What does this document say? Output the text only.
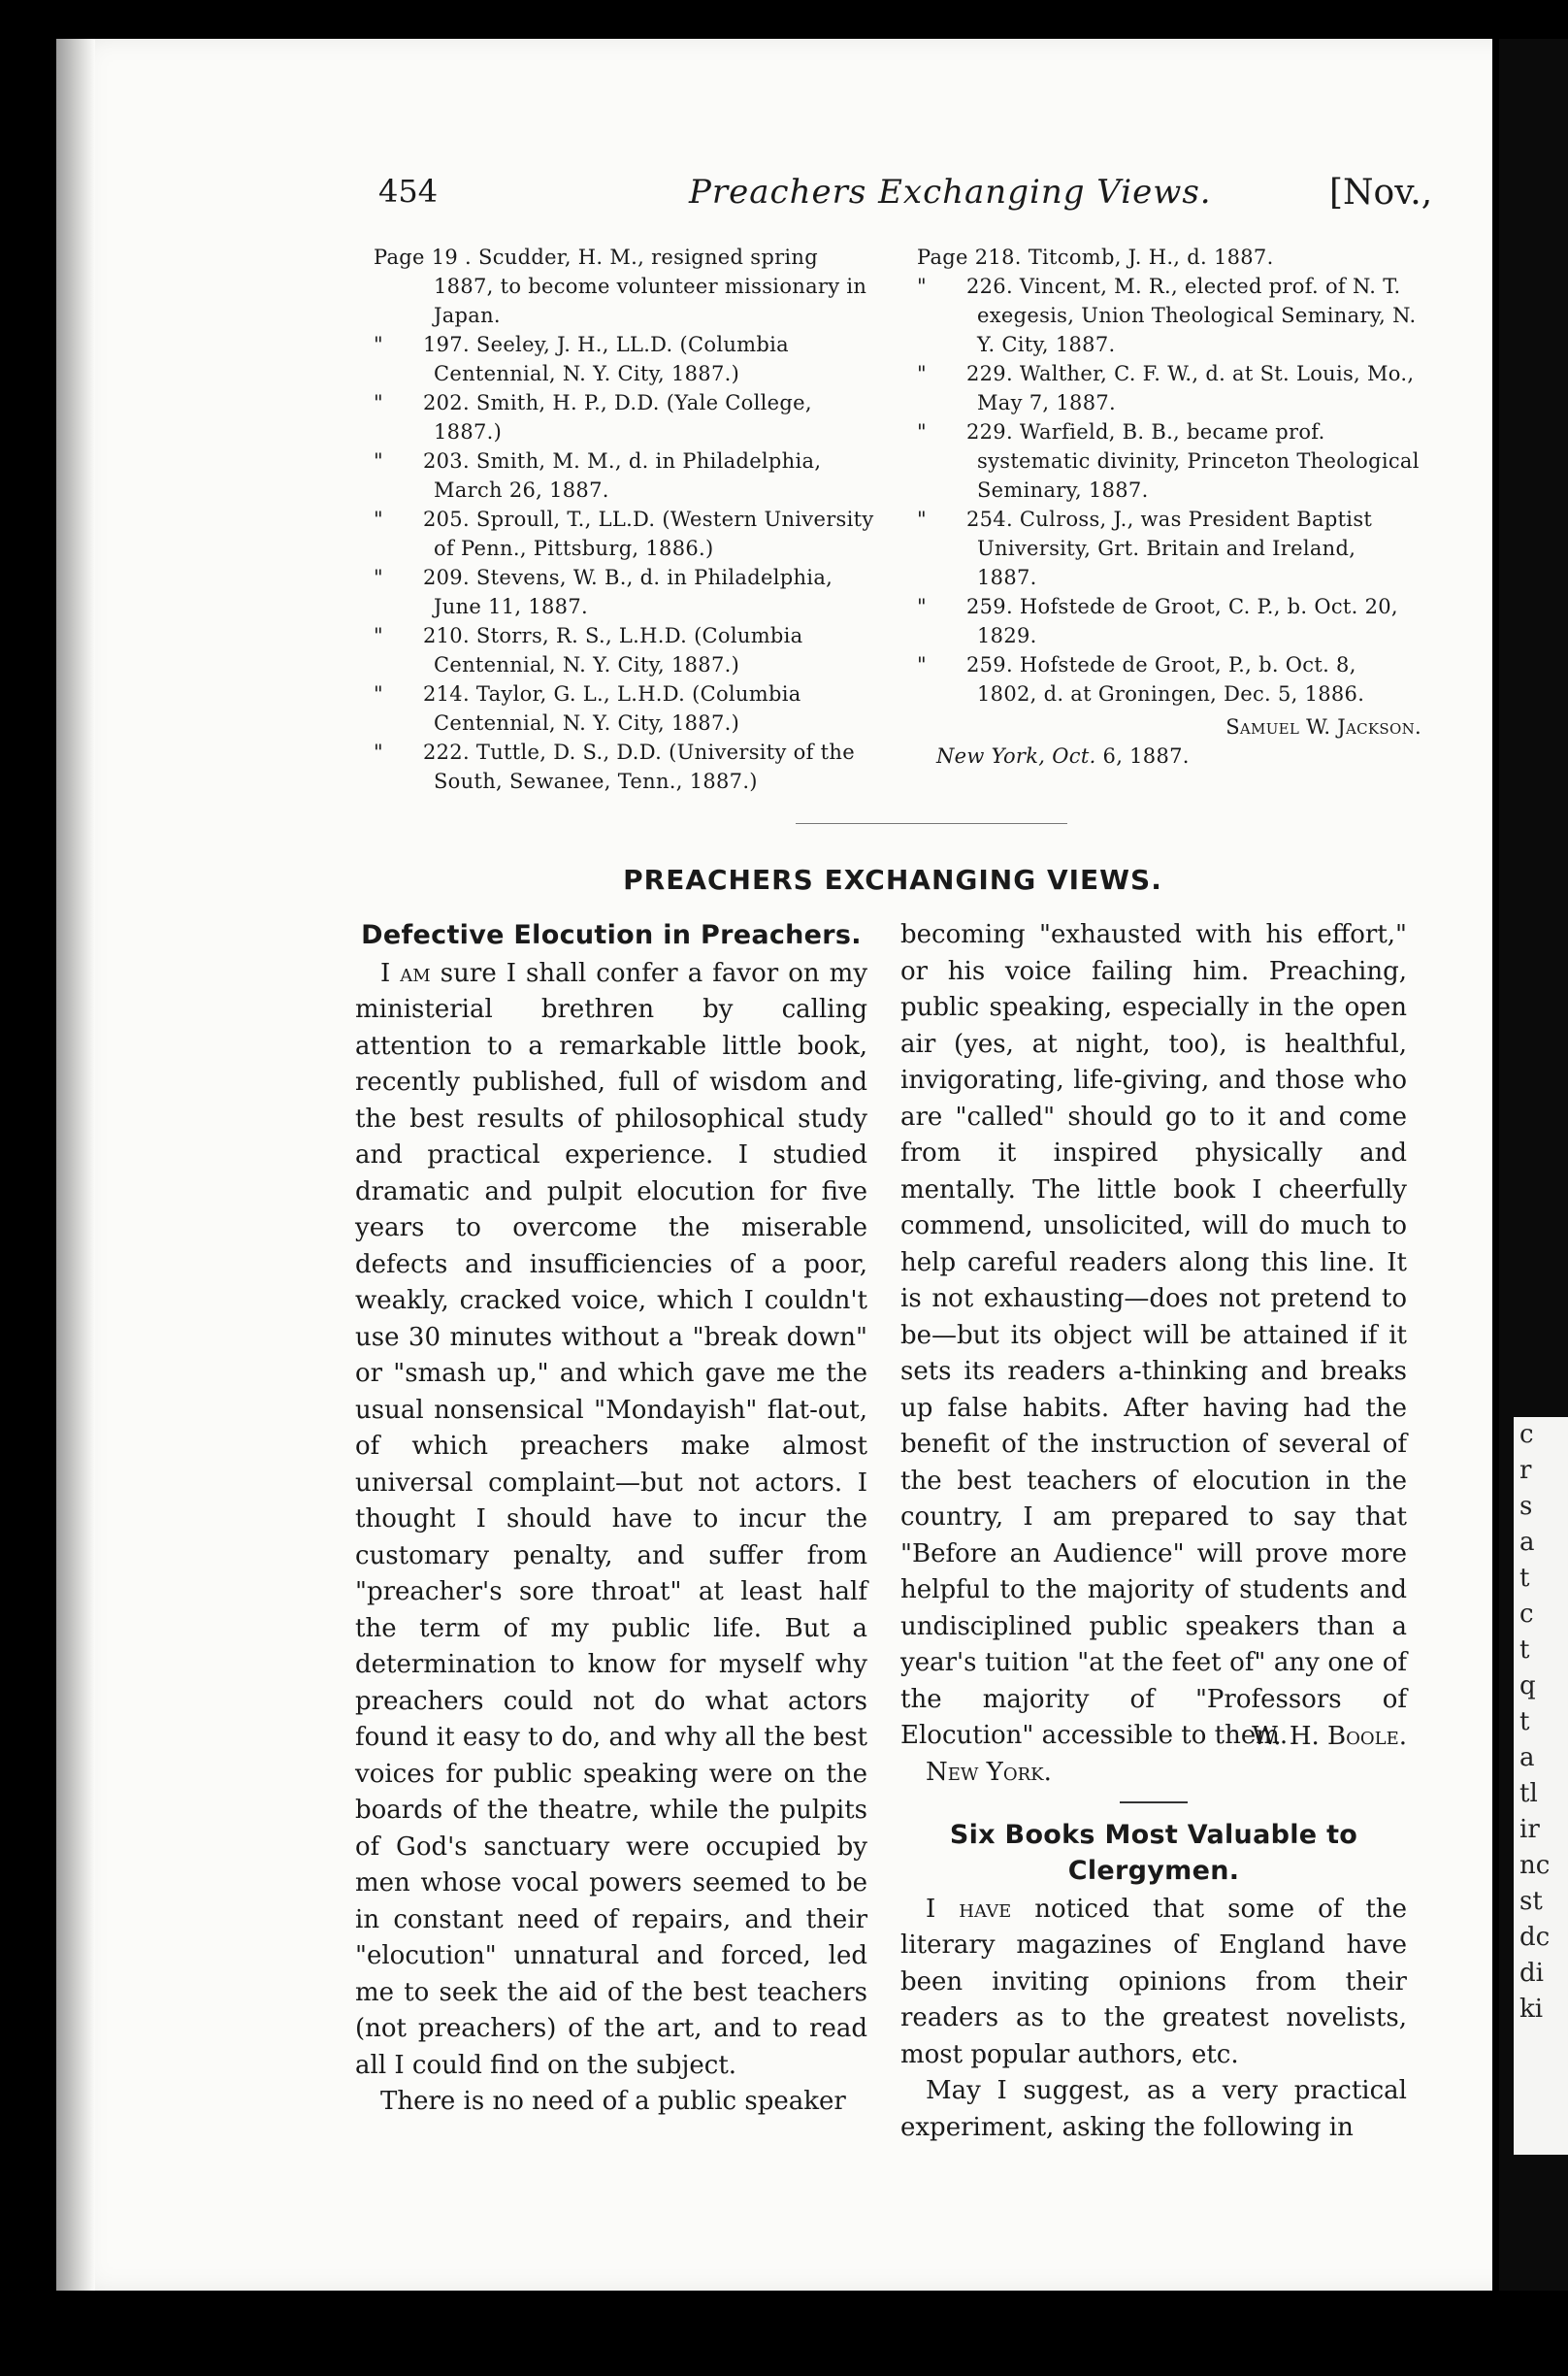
c
r
s
a
t
c
t
q
t
a
tl
ir
nc
st
dc
di
ki
454	Preachers Exchanging Views.	[Nov.,

Page 19 . Scudder, H. M., resigned spring 1887, to become volunteer missionary in Japan.

" 197. Seeley, J. H., LL.D. (Columbia Centennial, N. Y. City, 1887.)

" 202. Smith, H. P., D.D. (Yale College, 1887.)

" 203. Smith, M. M., d. in Philadelphia, March 26, 1887.

" 205. Sproull, T., LL.D. (Western University of Penn., Pittsburg, 1886.)

" 209. Stevens, W. B., d. in Philadelphia, June 11, 1887.

" 210. Storrs, R. S., L.H.D. (Columbia Centennial, N. Y. City, 1887.)

" 214. Taylor, G. L., L.H.D. (Columbia Centennial, N. Y. City, 1887.)

" 222. Tuttle, D. S., D.D. (University of the South, Sewanee, Tenn., 1887.)

Page 218. Titcomb, J. H., d. 1887.

" 226. Vincent, M. R., elected prof. of N. T. exegesis, Union Theological Seminary, N. Y. City, 1887.

" 229. Walther, C. F. W., d. at St. Louis, Mo., May 7, 1887.

" 229. Warfield, B. B., became prof. systematic divinity, Princeton Theological Seminary, 1887.

" 254. Culross, J., was President Baptist University, Grt. Britain and Ireland, 1887.

" 259. Hofstede de Groot, C. P., b. Oct. 20, 1829.

" 259. Hofstede de Groot, P., b. Oct. 8, 1802, d. at Groningen, Dec. 5, 1886.

Samuel W. Jackson.

New York, Oct. 6, 1887.

PREACHERS EXCHANGING VIEWS.
Defective Elocution in Preachers.

I am sure I shall confer a favor on my ministerial brethren by calling attention to a remarkable little book, recently published, full of wisdom and the best results of philosophical study and practical experience. I studied dramatic and pulpit elocution for five years to overcome the miserable defects and insufficiencies of a poor, weakly, cracked voice, which I couldn't use 30 minutes without a "break down" or "smash up," and which gave me the usual nonsensical "Mondayish" flat-out, of which preachers make almost universal complaint—but not actors. I thought I should have to incur the customary penalty, and suffer from "preacher's sore throat" at least half the term of my public life. But a determination to know for myself why preachers could not do what actors found it easy to do, and why all the best voices for public speaking were on the boards of the theatre, while the pulpits of God's sanctuary were occupied by men whose vocal powers seemed to be in constant need of repairs, and their "elocution" unnatural and forced, led me to seek the aid of the best teachers (not preachers) of the art, and to read all I could find on the subject.

There is no need of a public speaker

becoming "exhausted with his effort," or his voice failing him. Preaching, public speaking, especially in the open air (yes, at night, too), is healthful, invigorating, life-giving, and those who are "called" should go to it and come from it inspired physically and mentally. The little book I cheerfully commend, unsolicited, will do much to help careful readers along this line. It is not exhausting—does not pretend to be—but its object will be attained if it sets its readers a-thinking and breaks up false habits. After having had the benefit of the instruction of several of the best teachers of elocution in the country, I am prepared to say that "Before an Audience" will prove more helpful to the majority of students and undisciplined public speakers than a year's tuition "at the feet of" any one of the majority of "Professors of Elocution" accessible to them.

W. H. Boole.
New York.
Six Books Most Valuable to Clergymen.

I have noticed that some of the literary magazines of England have been inviting opinions from their readers as to the greatest novelists, most popular authors, etc.

May I suggest, as a very practical experiment, asking the following in
